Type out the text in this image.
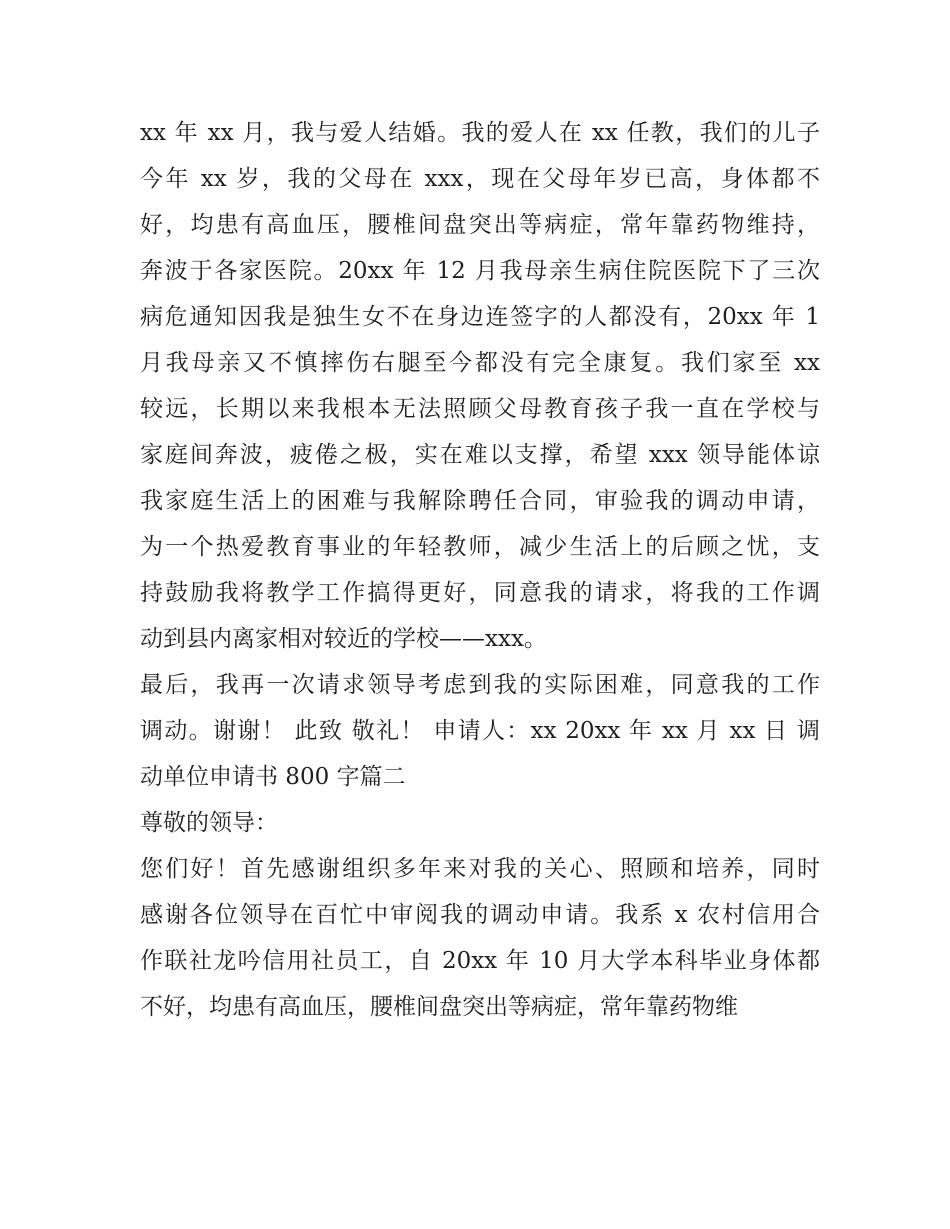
xx 年 xx 月，我与爱人结婚。我的爱人在 xx 任教，我们的儿子
今年 xx 岁，我的父母在 xxx，现在父母年岁已高，身体都不
好，均患有高血压，腰椎间盘突出等病症，常年靠药物维持，
奔波于各家医院。20xx 年 12 月我母亲生病住院医院下了三次
病危通知因我是独生女不在身边连签字的人都没有，20xx 年 1
月我母亲又不慎摔伤右腿至今都没有完全康复。我们家至 xx
较远，长期以来我根本无法照顾父母教育孩子我一直在学校与
家庭间奔波，疲倦之极，实在难以支撑，希望 xxx 领导能体谅
我家庭生活上的困难与我解除聘任合同，审验我的调动申请，
为一个热爱教育事业的年轻教师，减少生活上的后顾之忧，支
持鼓励我将教学工作搞得更好，同意我的请求，将我的工作调
动到县内离家相对较近的学校——xxx。
最后，我再一次请求领导考虑到我的实际困难，同意我的工作
调动。谢谢！ 此致 敬礼！ 申请人：xx 20xx 年 xx 月 xx 日 调
动单位申请书 800 字篇二
尊敬的领导：
您们好！首先感谢组织多年来对我的关心、照顾和培养，同时
感谢各位领导在百忙中审阅我的调动申请。我系 x 农村信用合
作联社龙吟信用社员工，自 20xx 年 10 月大学本科毕业身体都
不好，均患有高血压，腰椎间盘突出等病症，常年靠药物维
